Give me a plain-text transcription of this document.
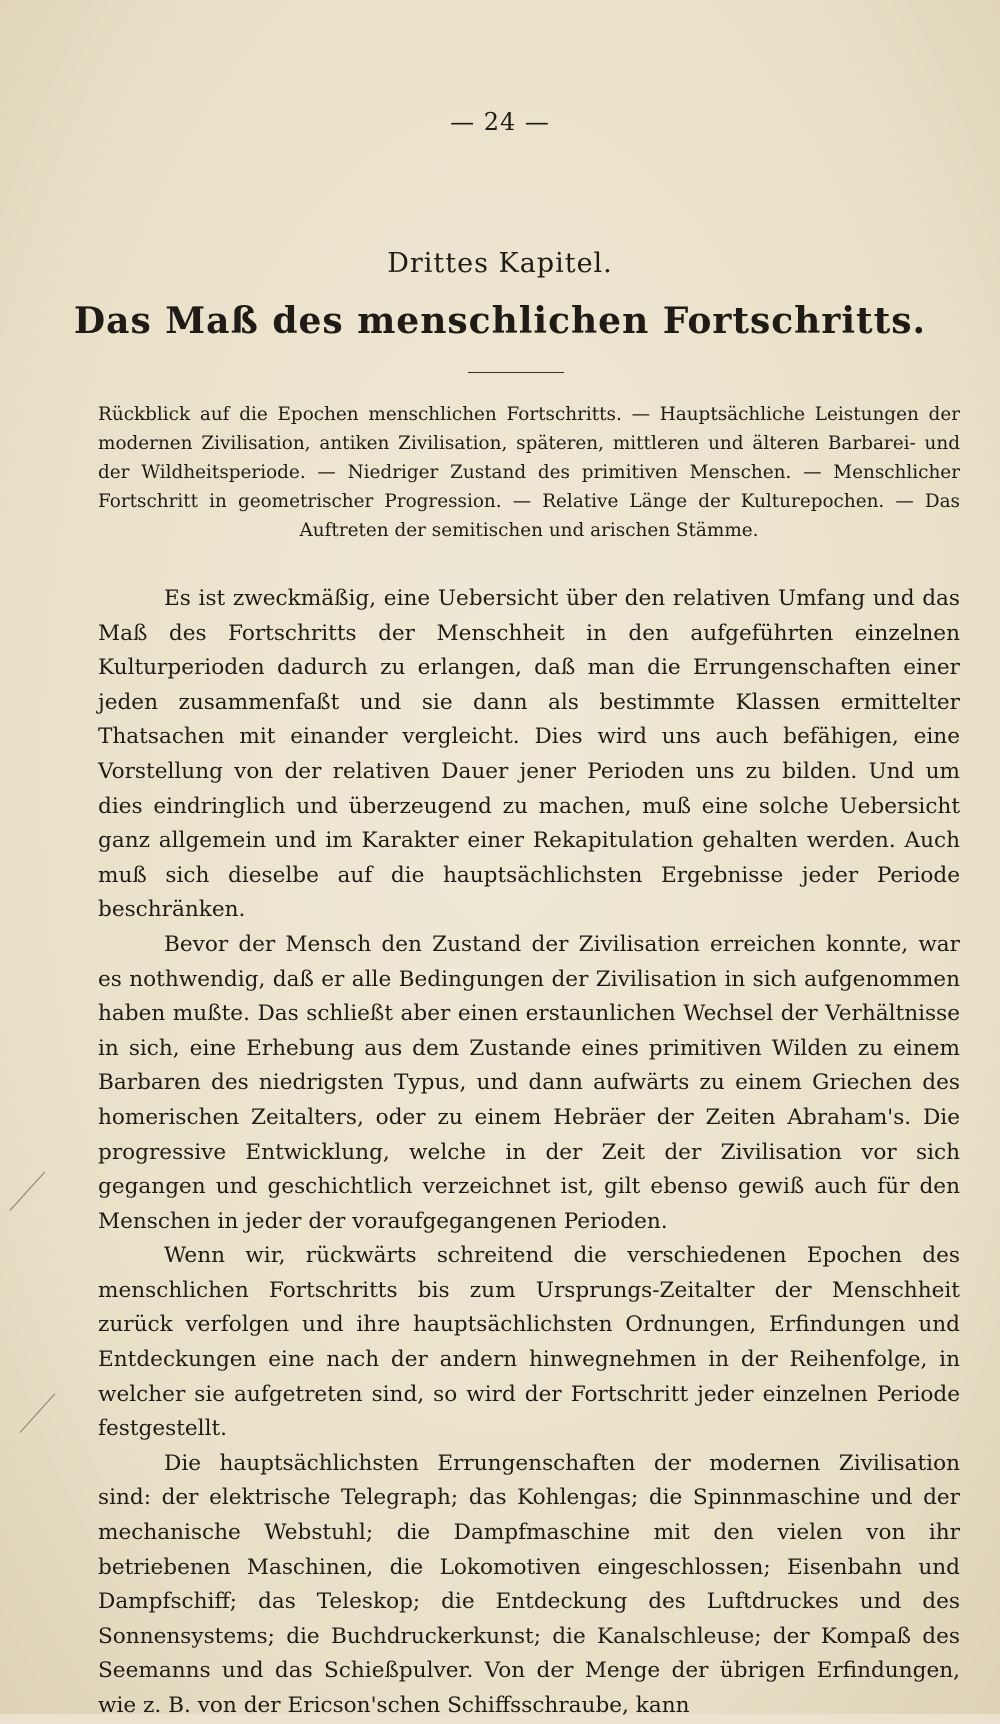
— 24 —
Drittes Kapitel.
Das Maß des menschlichen Fortschritts.

Rückblick auf die Epochen menschlichen Fortschritts. — Hauptsächliche Leistungen der modernen Zivilisation, antiken Zivilisation, späteren, mittleren und älteren Barbarei- und der Wildheitsperiode. — Niedriger Zustand des primitiven Menschen. — Menschlicher Fortschritt in geometrischer Progression. — Relative Länge der Kulturepochen. — Das Auftreten der semitischen und arischen Stämme.

Es ist zweckmäßig, eine Uebersicht über den relativen Umfang und das Maß des Fortschritts der Menschheit in den aufgeführten einzelnen Kulturperioden dadurch zu erlangen, daß man die Errungenschaften einer jeden zusammenfaßt und sie dann als bestimmte Klassen ermittelter Thatsachen mit einander vergleicht. Dies wird uns auch befähigen, eine Vorstellung von der relativen Dauer jener Perioden uns zu bilden. Und um dies eindringlich und überzeugend zu machen, muß eine solche Uebersicht ganz allgemein und im Karakter einer Rekapitulation gehalten werden. Auch muß sich dieselbe auf die hauptsächlichsten Ergebnisse jeder Periode beschränken.

Bevor der Mensch den Zustand der Zivilisation erreichen konnte, war es nothwendig, daß er alle Bedingungen der Zivilisation in sich aufgenommen haben mußte. Das schließt aber einen erstaunlichen Wechsel der Verhältnisse in sich, eine Erhebung aus dem Zustande eines primitiven Wilden zu einem Barbaren des niedrigsten Typus, und dann aufwärts zu einem Griechen des homerischen Zeitalters, oder zu einem Hebräer der Zeiten Abraham's. Die progressive Entwicklung, welche in der Zeit der Zivilisation vor sich gegangen und geschichtlich verzeichnet ist, gilt ebenso gewiß auch für den Menschen in jeder der voraufgegangenen Perioden.

Wenn wir, rückwärts schreitend die verschiedenen Epochen des menschlichen Fortschritts bis zum Ursprungs-Zeitalter der Menschheit zurück verfolgen und ihre hauptsächlichsten Ordnungen, Erfindungen und Entdeckungen eine nach der andern hinwegnehmen in der Reihenfolge, in welcher sie aufgetreten sind, so wird der Fortschritt jeder einzelnen Periode festgestellt.

Die hauptsächlichsten Errungenschaften der modernen Zivilisation sind: der elektrische Telegraph; das Kohlengas; die Spinnmaschine und der mechanische Webstuhl; die Dampfmaschine mit den vielen von ihr betriebenen Maschinen, die Lokomotiven eingeschlossen; Eisenbahn und Dampfschiff; das Teleskop; die Entdeckung des Luftdruckes und des Sonnensystems; die Buchdruckerkunst; die Kanalschleuse; der Kompaß des Seemanns und das Schießpulver. Von der Menge der übrigen Erfindungen, wie z. B. von der Ericson'schen Schiffsschraube, kann
